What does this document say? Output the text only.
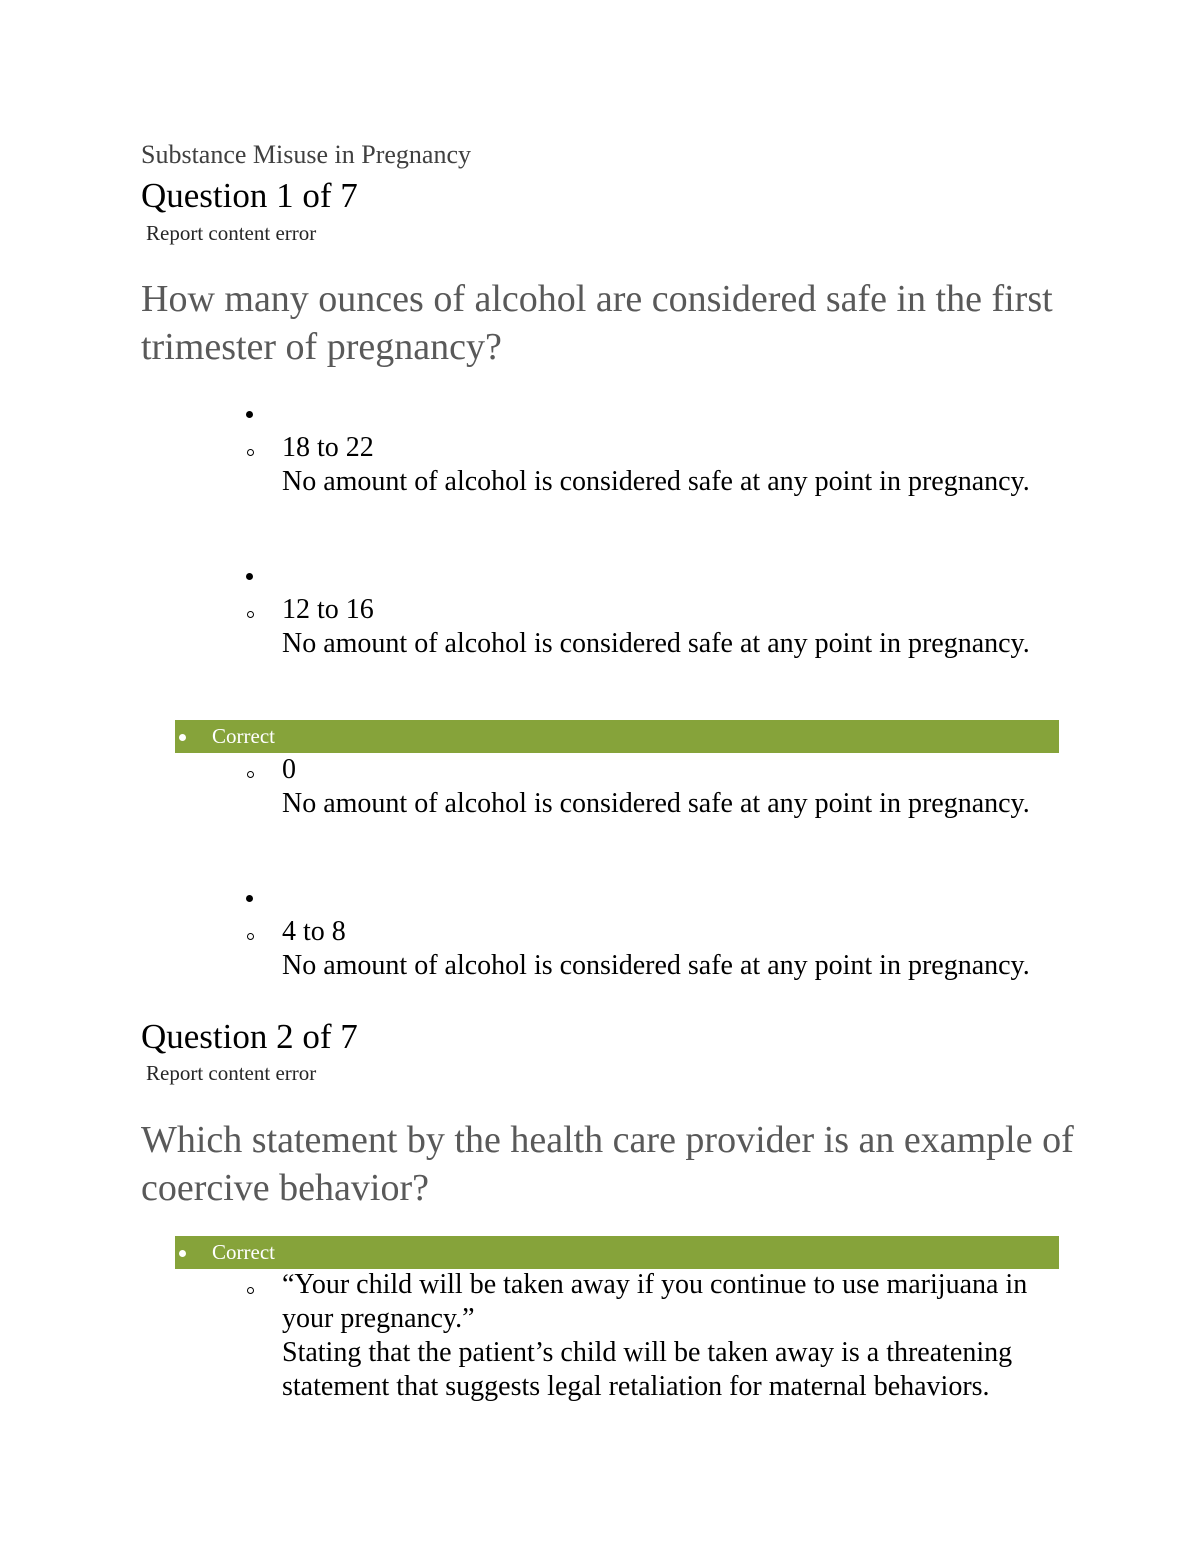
Substance Misuse in Pregnancy
Question 1 of 7
Report content error
How many ounces of alcohol are considered safe in the first trimester of pregnancy?
18 to 22
No amount of alcohol is considered safe at any point in pregnancy.
12 to 16
No amount of alcohol is considered safe at any point in pregnancy.
Correct
0
No amount of alcohol is considered safe at any point in pregnancy.
4 to 8
No amount of alcohol is considered safe at any point in pregnancy.
Question 2 of 7
Report content error
Which statement by the health care provider is an example of coercive behavior?
Correct
“Your child will be taken away if you continue to use marijuana in your pregnancy.”
Stating that the patient’s child will be taken away is a threatening statement that suggests legal retaliation for maternal behaviors.
